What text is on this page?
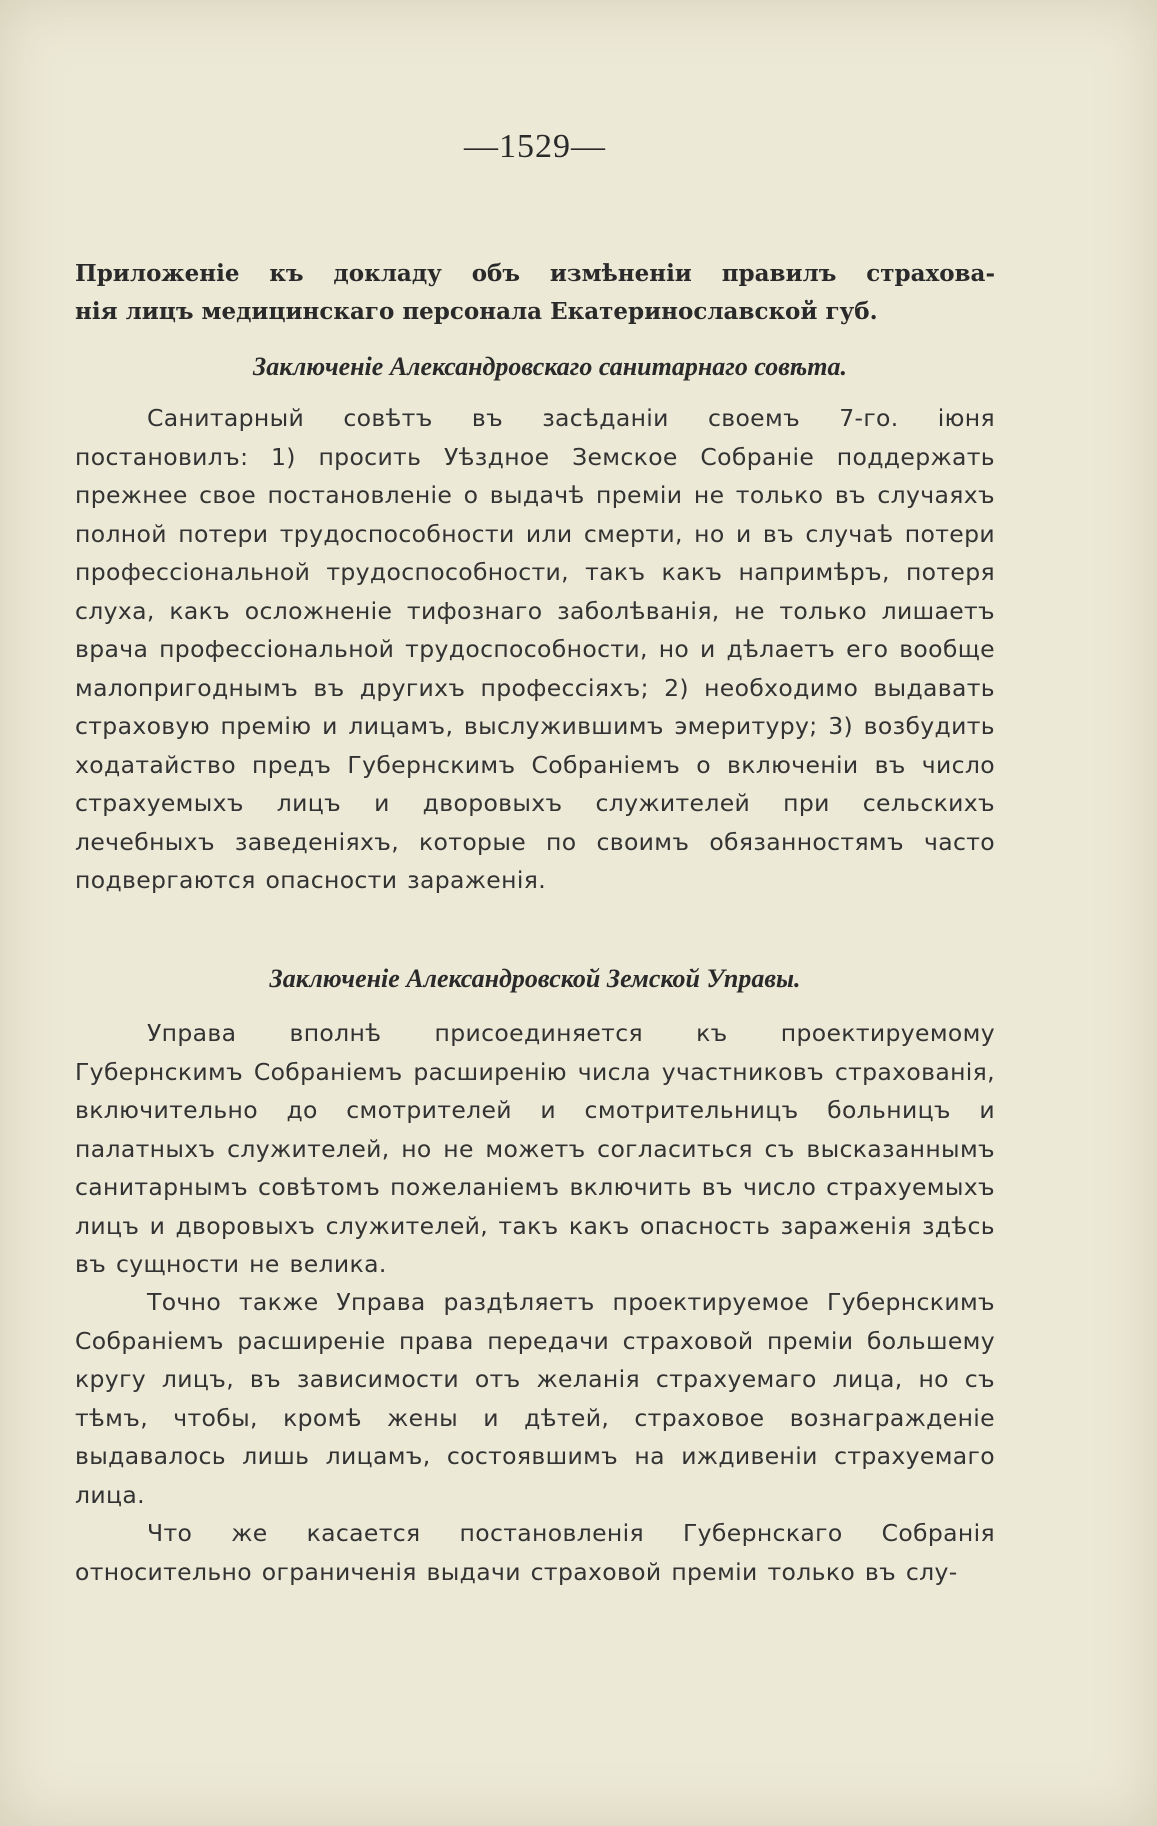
—1529—
Приложеніе къ докладу объ измѣненіи правилъ страхова-
нія лицъ медицинскаго персонала Екатеринославской губ.
Заключеніе Александровскаго санитарнаго совѣта.

Санитарный совѣтъ въ засѣданіи своемъ 7-го. іюня постановилъ: 1) просить Уѣздное Земское Собраніе поддержать прежнее свое постановленіе о выдачѣ преміи не только въ случаяхъ полной потери трудоспособности или смерти, но и въ случаѣ потери профессіональной трудоспособности, такъ какъ напримѣръ, потеря слуха, какъ осложненіе тифознаго заболѣванія, не только лишаетъ врача профессіональной трудоспособности, но и дѣлаетъ его вообще малопригоднымъ въ другихъ профессіяхъ; 2) необходимо выдавать страховую премію и лицамъ, выслужившимъ эмеритуру; 3) возбудить ходатайство предъ Губернскимъ Собраніемъ о включеніи въ число страхуемыхъ лицъ и дворовыхъ служителей при сельскихъ лечебныхъ заведеніяхъ, которые по своимъ обязанностямъ часто подвергаются опасности зараженія.

Заключеніе Александровской Земской Управы.

Управа вполнѣ присоединяется къ проектируемому Губернскимъ Собраніемъ расширенію числа участниковъ страхованія, включительно до смотрителей и смотрительницъ больницъ и палатныхъ служителей, но не можетъ согласиться съ высказаннымъ санитарнымъ совѣтомъ пожеланіемъ включить въ число страхуемыхъ лицъ и дворовыхъ служителей, такъ какъ опасность зараженія здѣсь въ сущности не велика.

Точно также Управа раздѣляетъ проектируемое Губернскимъ Собраніемъ расширеніе права передачи страховой преміи большему кругу лицъ, въ зависимости отъ желанія страхуемаго лица, но съ тѣмъ, чтобы, кромѣ жены и дѣтей, страховое вознагражденіе выдавалось лишь лицамъ, состоявшимъ на иждивеніи страхуемаго лица.

Что же касается постановленія Губернскаго Собранія относительно ограниченія выдачи страховой преміи только въ слу-
